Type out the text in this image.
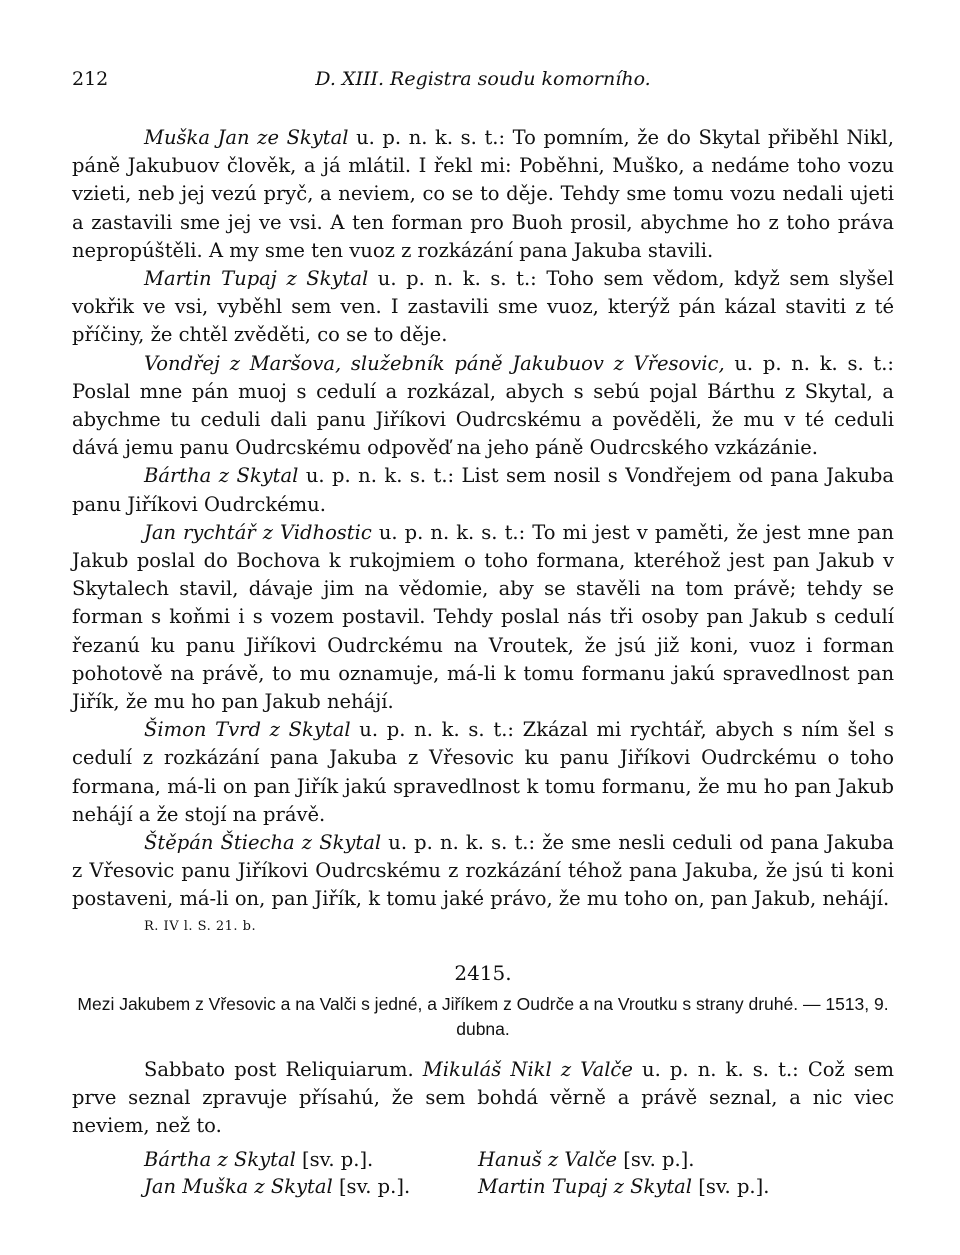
212	D. XIII. Registra soudu komorního.

Muška Jan ze Skytal u. p. n. k. s. t.: To pomním, že do Skytal přiběhl Nikl, páně Jakubuov člověk, a já mlátil. I řekl mi: Poběhni, Muško, a nedáme toho vozu vzieti, neb jej vezú pryč, a neviem, co se to děje. Tehdy sme tomu vozu nedali ujeti a zastavili sme jej ve vsi. A ten forman pro Buoh prosil, abychme ho z toho práva nepropúštěli. A my sme ten vuoz z rozkázání pana Jakuba stavili.

Martin Tupaj z Skytal u. p. n. k. s. t.: Toho sem vědom, když sem slyšel vokřik ve vsi, vyběhl sem ven. I zastavili sme vuoz, kterýž pán kázal staviti z té příčiny, že chtěl zvěděti, co se to děje.

Vondřej z Maršova, služebník páně Jakubuov z Vřesovic, u. p. n. k. s. t.: Poslal mne pán muoj s cedulí a rozkázal, abych s sebú pojal Bárthu z Skytal, a abychme tu ceduli dali panu Jiříkovi Oudrcskému a pověděli, že mu v té ceduli dává jemu panu Oudrcskému odpověď na jeho páně Oudrcského vzkázánie.

Bártha z Skytal u. p. n. k. s. t.: List sem nosil s Vondřejem od pana Jakuba panu Jiříkovi Oudrckému.

Jan rychtář z Vidhostic u. p. n. k. s. t.: To mi jest v paměti, že jest mne pan Jakub poslal do Bochova k rukojmiem o toho formana, kteréhož jest pan Jakub v Skytalech stavil, dávaje jim na vědomie, aby se stavěli na tom právě; tehdy se forman s koňmi i s vozem postavil. Tehdy poslal nás tři osoby pan Jakub s cedulí řezanú ku panu Jiříkovi Oudrckému na Vroutek, že jsú již koni, vuoz i forman pohotově na právě, to mu oznamuje, má-li k tomu formanu jakú spravedlnost pan Jiřík, že mu ho pan Jakub nehájí.

Šimon Tvrd z Skytal u. p. n. k. s. t.: Zkázal mi rychtář, abych s ním šel s cedulí z rozkázání pana Jakuba z Vřesovic ku panu Jiříkovi Oudrckému o toho formana, má-li on pan Jiřík jakú spravedlnost k tomu formanu, že mu ho pan Jakub nehájí a že stojí na právě.

Štěpán Štiecha z Skytal u. p. n. k. s. t.: že sme nesli ceduli od pana Jakuba z Vřesovic panu Jiříkovi Oudrcskému z rozkázání téhož pana Jakuba, že jsú ti koni postaveni, má-li on, pan Jiřík, k tomu jaké právo, že mu toho on, pan Jakub, nehájí.

R. IV l. S. 21. b.

2415.
Mezi Jakubem z Vřesovic a na Valči s jedné, a Jiříkem z Oudrče a na Vroutku s strany druhé. — 1513, 9. dubna.

Sabbato post Reliquiarum. Mikuláš Nikl z Valče u. p. n. k. s. t.: Což sem prve seznal zpravuje přísahú, že sem bohdá věrně a právě seznal, a nic viec neviem, než to.

Bártha z Skytal [sv. p.].	Hanuš z Valče [sv. p.].
Jan Muška z Skytal [sv. p.].	Martin Tupaj z Skytal [sv. p.].
